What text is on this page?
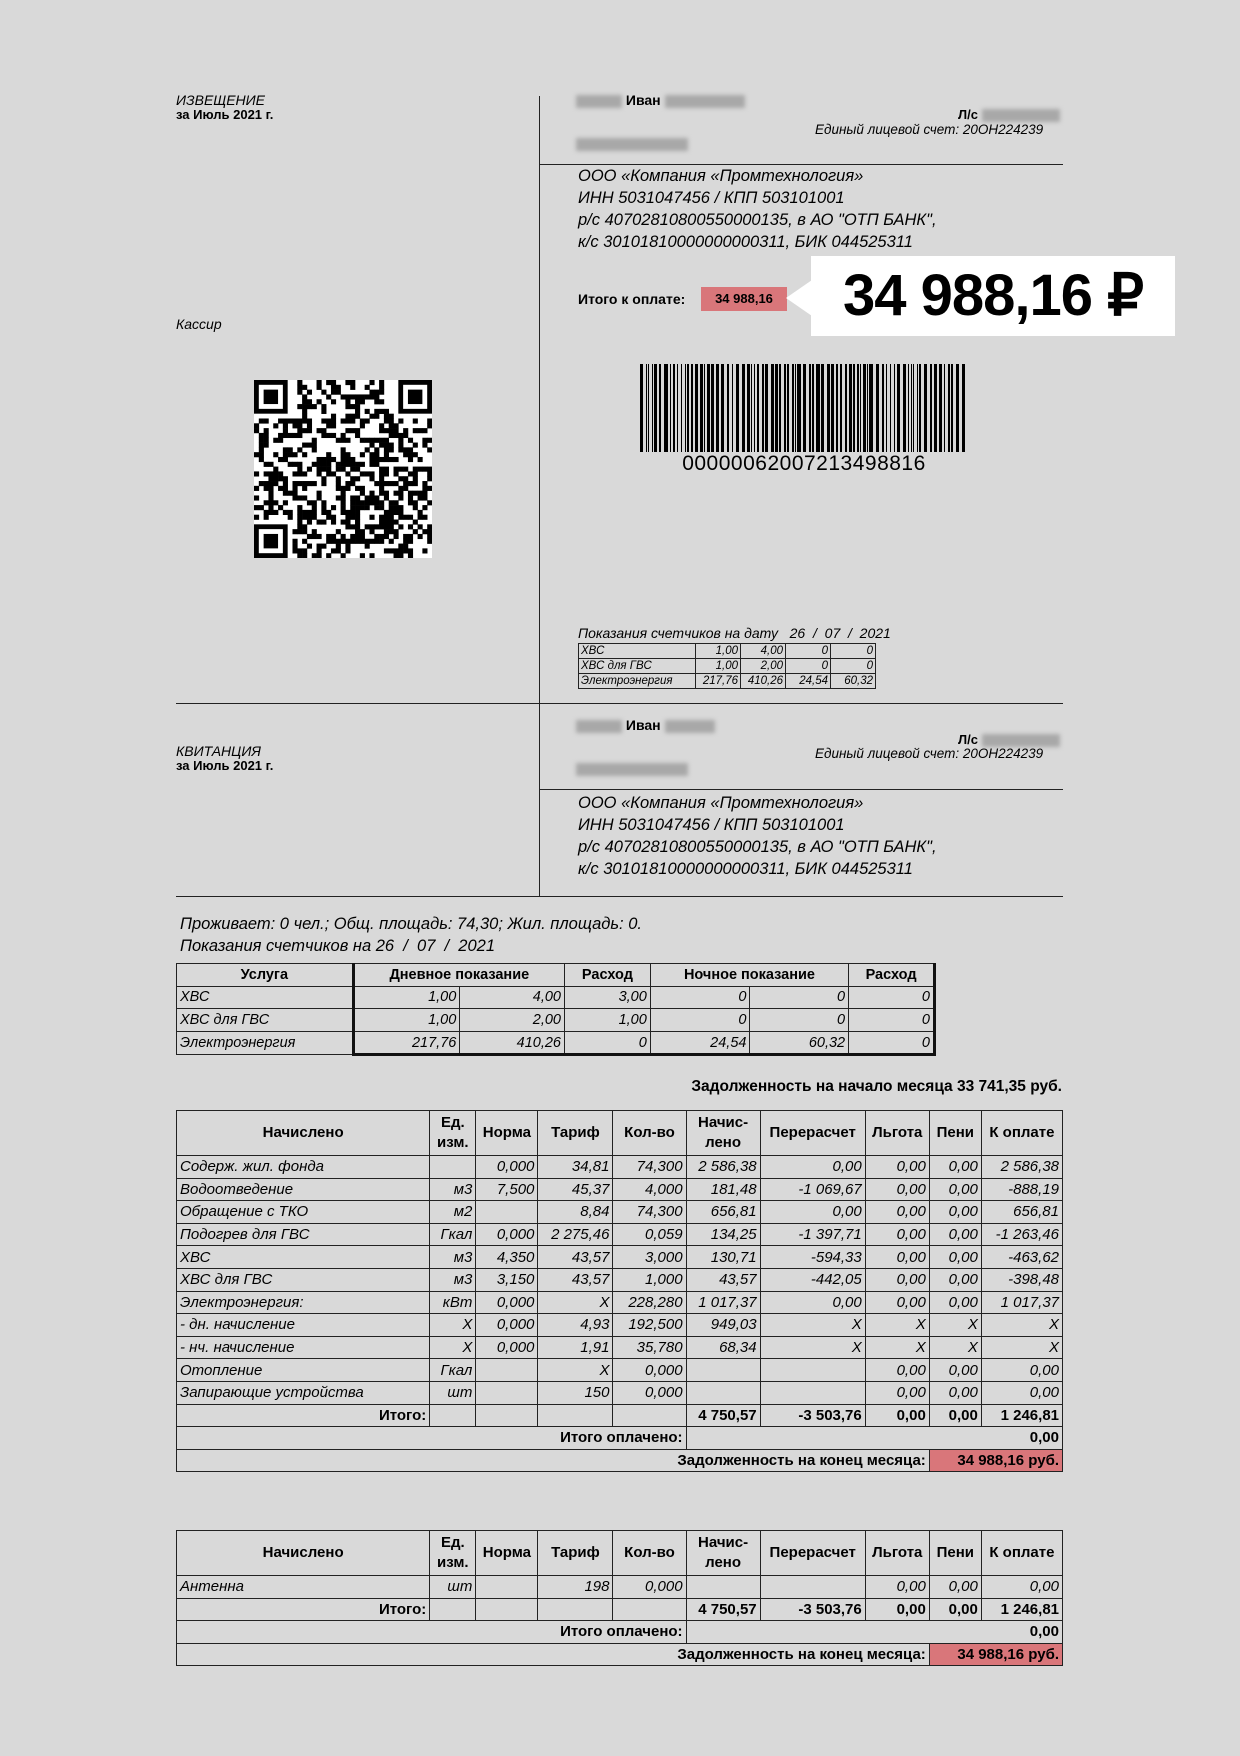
ИЗВЕЩЕНИЕ
за Июль 2021 г.
Кассир
Иван
Л/с
Единый лицевой счет: 20ОН224239
ООО «Компания «Промтехнология»
ИНН 5031047456 / КПП 503101001
р/с 40702810800550000135, в АО "ОТП БАНК",
к/с 30101810000000000311, БИК 044525311
Итого к оплате:	34 988,16	34 988,16 ₽
0000006200721349881​6
Показания счетчиков на дату   26  /  07  /  2021
ХВС	1,00	4,00	0	0
ХВС для ГВС	1,00	2,00	0	0
Электроэнергия	217,76	410,26	24,54	60,32
КВИТАНЦИЯ
за Июль 2021 г.
Иван
Л/с
Единый лицевой счет: 20ОН224239
ООО «Компания «Промтехнология»
ИНН 5031047456 / КПП 503101001
р/с 40702810800550000135, в АО "ОТП БАНК",
к/с 30101810000000000311, БИК 044525311
Проживает: 0 чел.; Общ. площадь: 74,30; Жил. площадь: 0.
Показания счетчиков на 26  /  07  /  2021
Услуга	Дневное показание		Расход	Ночное показание		Расход
ХВС	1,00	4,00	3,00	0	0	0
ХВС для ГВС	1,00	2,00	1,00	0	0	0
Электроэнергия	217,76	410,26	0	24,54	60,32	0
Задолженность на начало месяца 33 741,35 руб.
Начислено	Ед. изм.	Норма	Тариф	Кол-во	Начис- лено	Перерасчет	Льгота	Пени	К оплате
Содерж. жил. фонда		0,000	34,81	74,300	2 586,38	0,00	0,00	0,00	2 586,38
Водоотведение	м3	7,500	45,37	4,000	181,48	-1 069,67	0,00	0,00	-888,19
Обращение с ТКО	м2		8,84	74,300	656,81	0,00	0,00	0,00	656,81
Подогрев для ГВС	Гкал	0,000	2 275,46	0,059	134,25	-1 397,71	0,00	0,00	-1 263,46
ХВС	м3	4,350	43,57	3,000	130,71	-594,33	0,00	0,00	-463,62
ХВС для ГВС	м3	3,150	43,57	1,000	43,57	-442,05	0,00	0,00	-398,48
Электроэнергия:	кВт	0,000	X	228,280	1 017,37	0,00	0,00	0,00	1 017,37
- дн. начисление	X	0,000	4,93	192,500	949,03	X	X	X	X
- нч. начисление	X	0,000	1,91	35,780	68,34	X	X	X	X
Отопление	Гкал		X	0,000			0,00	0,00	0,00
Запирающие устройства	шт		150	0,000			0,00	0,00	0,00
Итого:					4 750,57	-3 503,76	0,00	0,00	1 246,81
Итого оплачено:					0,00				
Задолженность на конец месяца:								34 988,16 руб.	
Начислено	Ед. изм.	Норма	Тариф	Кол-во	Начис- лено	Перерасчет	Льгота	Пени	К оплате
Антенна	шт		198	0,000			0,00	0,00	0,00
Итого:					4 750,57	-3 503,76	0,00	0,00	1 246,81
Итого оплачено:					0,00				
Задолженность на конец месяца:								34 988,16 руб.	
